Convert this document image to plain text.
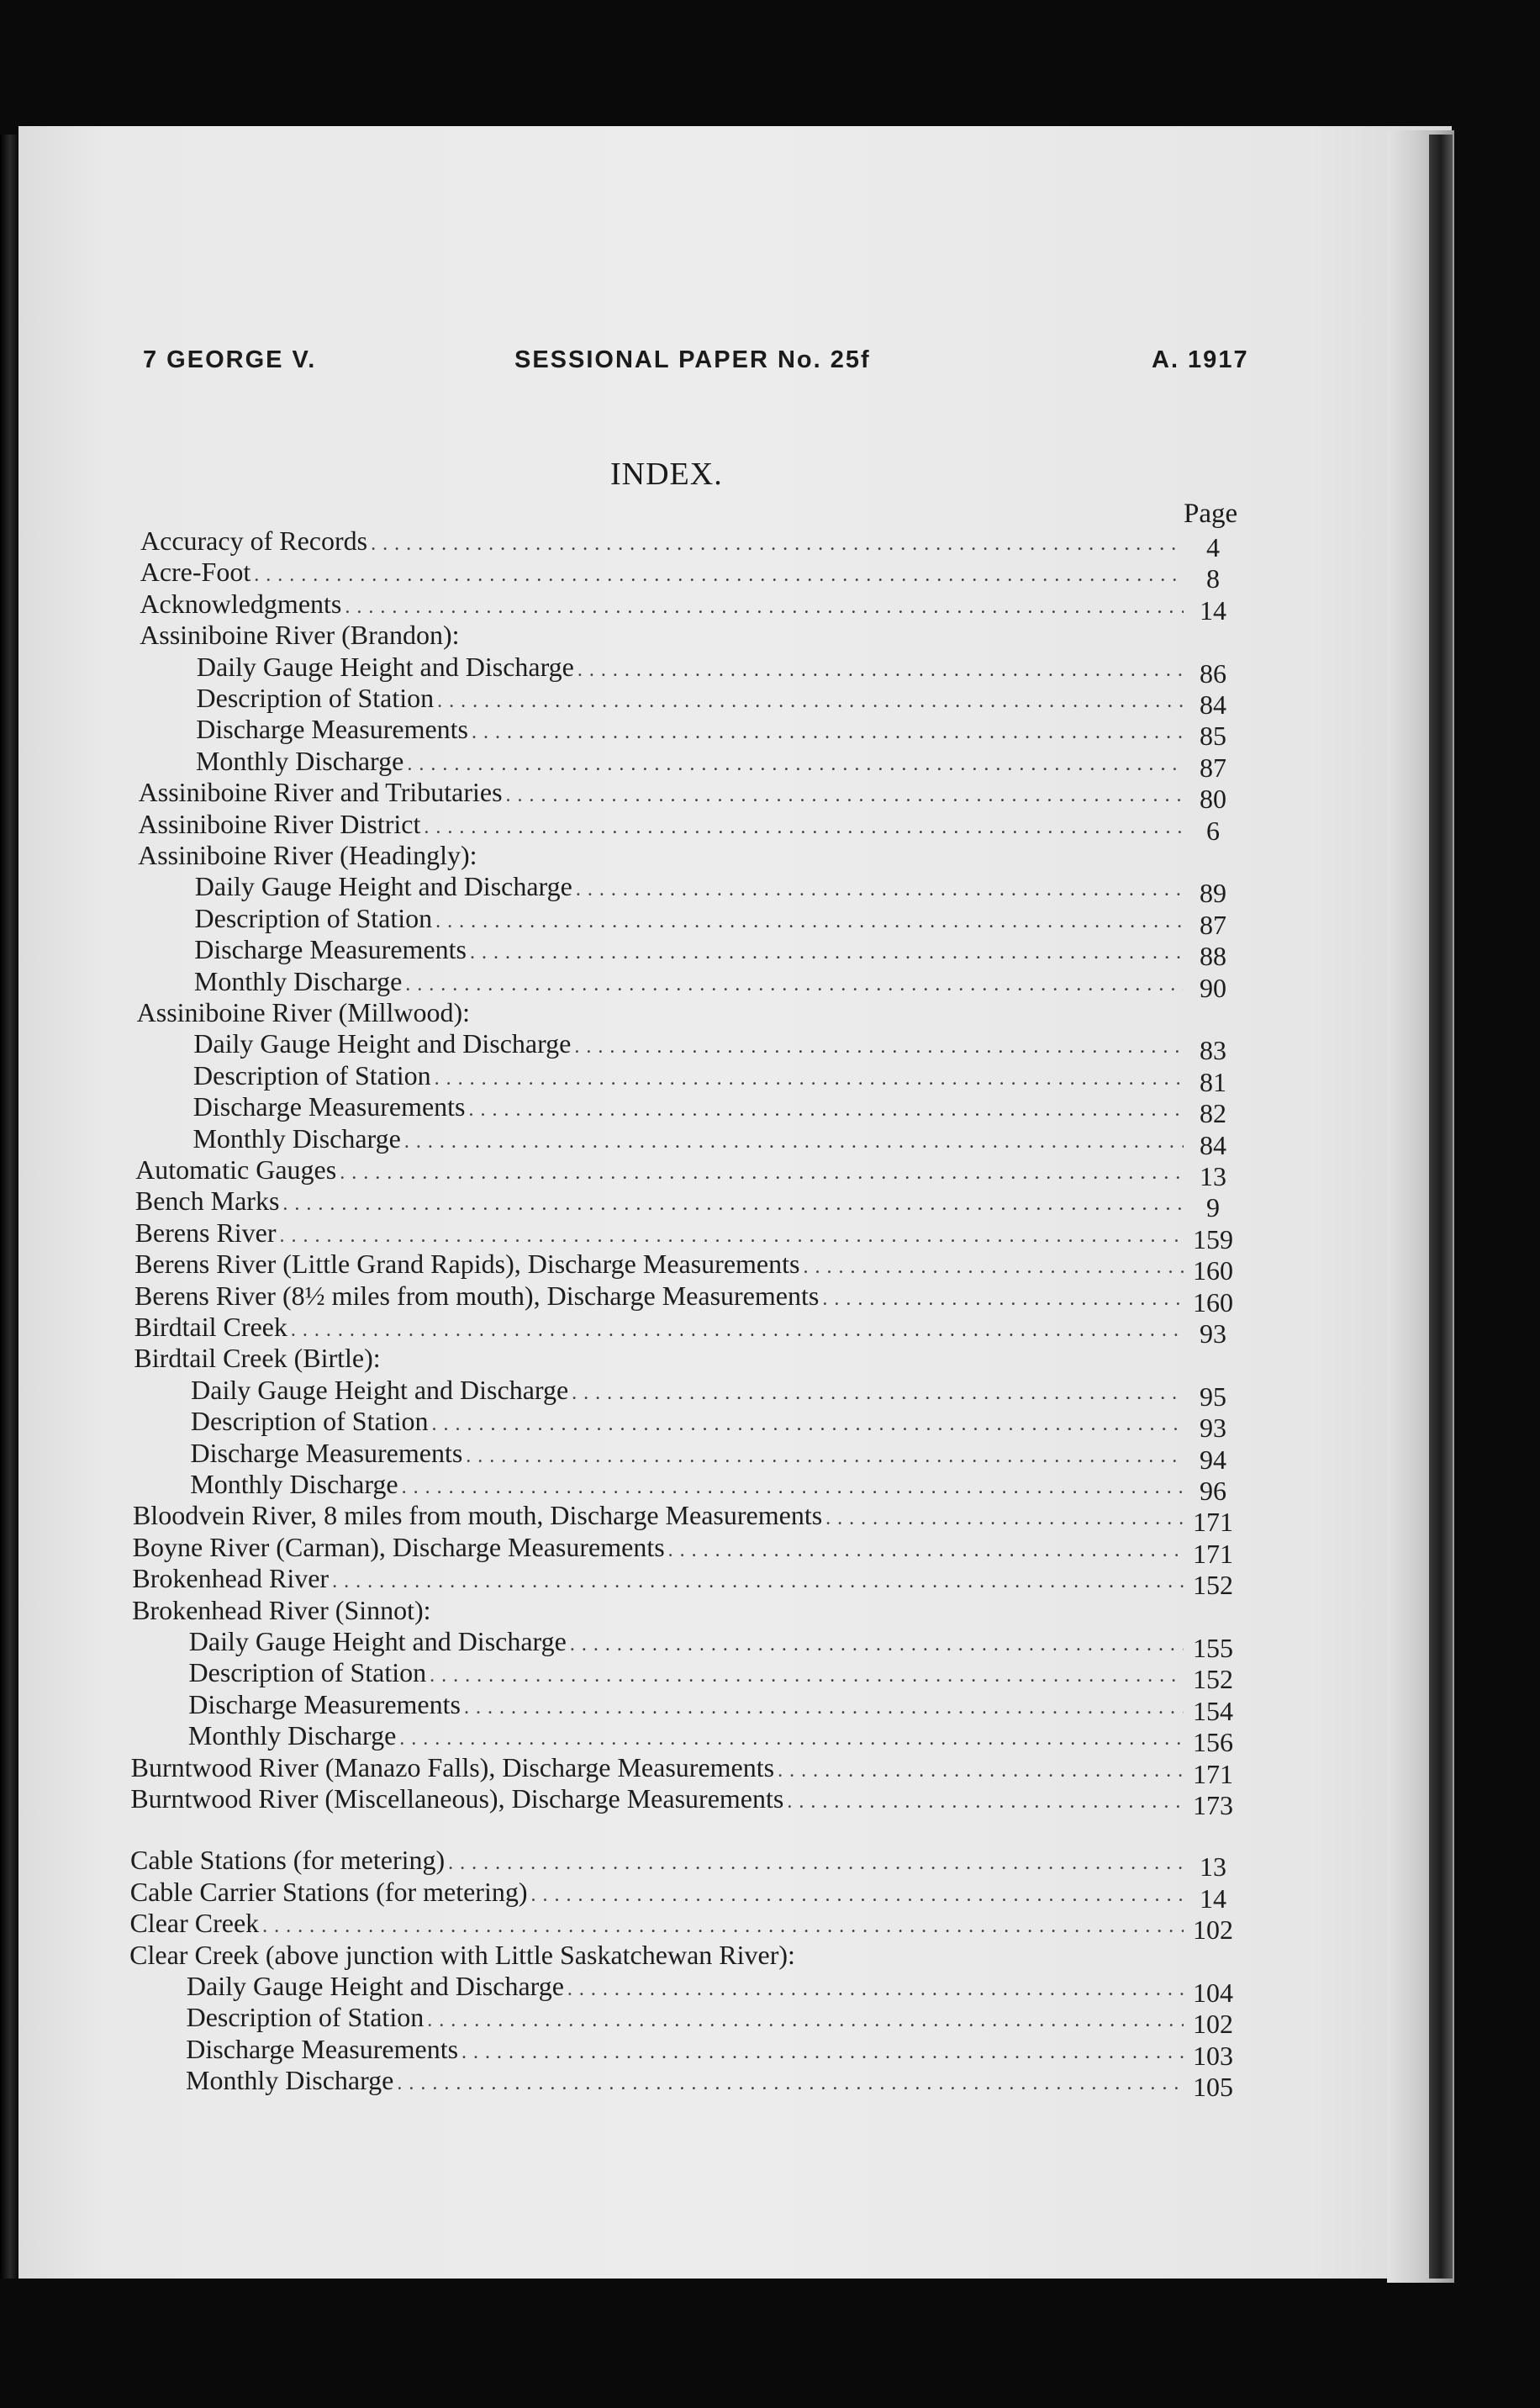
7 GEORGE V.	SESSIONAL PAPER No. 25f	A. 1917
INDEX.
Page
Accuracy of Records . . .	4
Acre-Foot . . .	8
Acknowledgments . . .	14
Assiniboine River (Brandon):
Daily Gauge Height and Discharge . . .	86
Description of Station . . .	84
Discharge Measurements . . .	85
Monthly Discharge . . .	87
Assiniboine River and Tributaries . . .	80
Assiniboine River District . . .	6
Assiniboine River (Headingly):
Daily Gauge Height and Discharge . . .	89
Description of Station . . .	87
Discharge Measurements . . .	88
Monthly Discharge . . .	90
Assiniboine River (Millwood):
Daily Gauge Height and Discharge . . .	83
Description of Station . . .	81
Discharge Measurements . . .	82
Monthly Discharge . . .	84
Automatic Gauges . . .	13
Bench Marks . . .	9
Berens River . . .	159
Berens River (Little Grand Rapids), Discharge Measurements . . .	160
Berens River (8½ miles from mouth), Discharge Measurements . . .	160
Birdtail Creek . . .	93
Birdtail Creek (Birtle):
Daily Gauge Height and Discharge . . .	95
Description of Station . . .	93
Discharge Measurements . . .	94
Monthly Discharge . . .	96
Bloodvein River, 8 miles from mouth, Discharge Measurements . . .	171
Boyne River (Carman), Discharge Measurements . . .	171
Brokenhead River . . .	152
Brokenhead River (Sinnot):
Daily Gauge Height and Discharge . . .	155
Description of Station . . .	152
Discharge Measurements . . .	154
Monthly Discharge . . .	156
Burntwood River (Manazo Falls), Discharge Measurements . . .	171
Burntwood River (Miscellaneous), Discharge Measurements . . .	173
Cable Stations (for metering) . . .	13
Cable Carrier Stations (for metering) . . .	14
Clear Creek . . .	102
Clear Creek (above junction with Little Saskatchewan River):
Daily Gauge Height and Discharge . . .	104
Description of Station . . .	102
Discharge Measurements . . .	103
Monthly Discharge . . .	105
